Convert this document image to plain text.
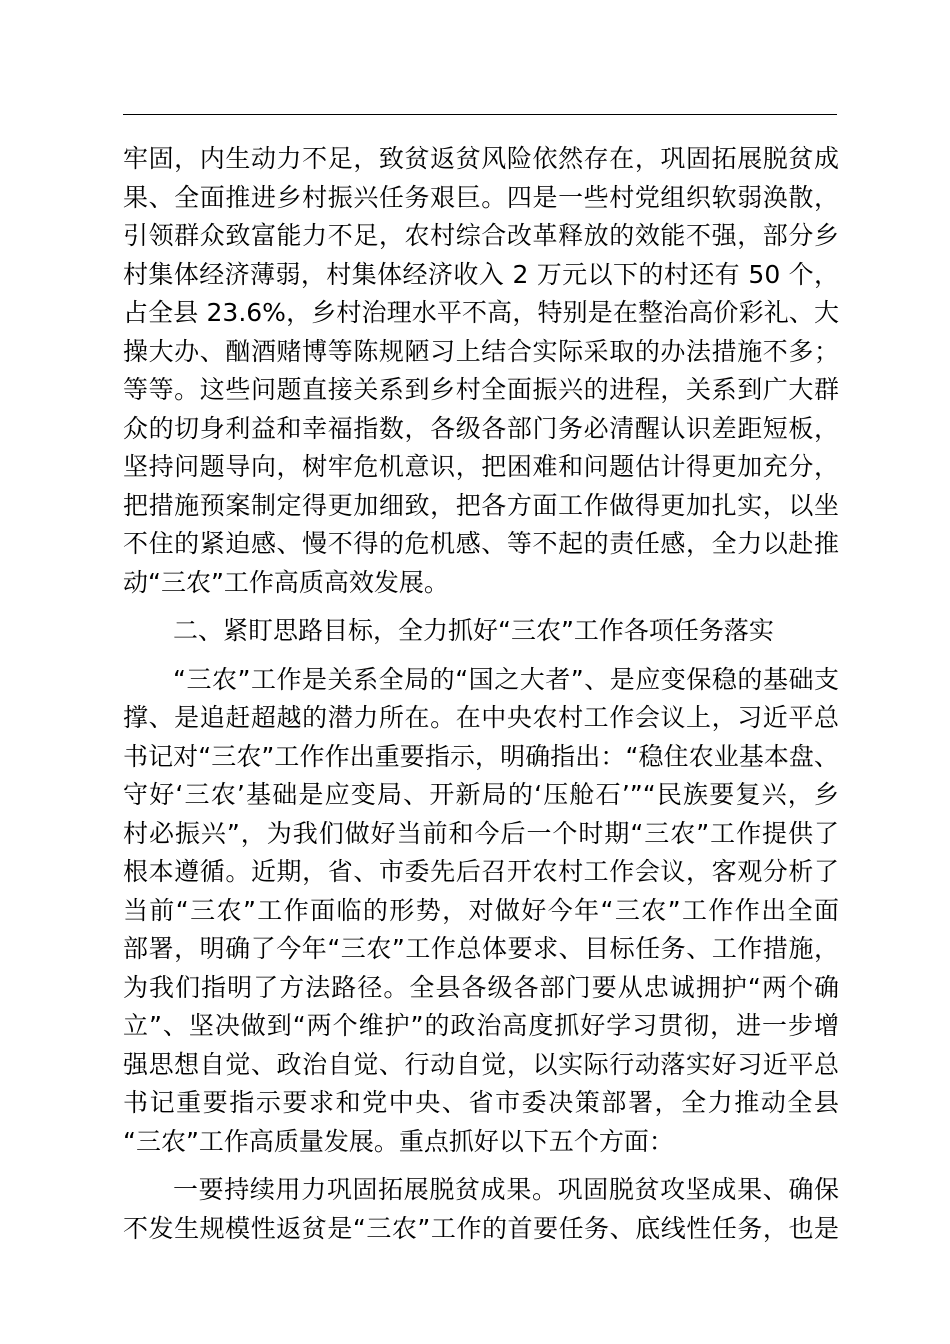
牢固，内生动力不足，致贫返贫风险依然存在，巩固拓展脱贫成
果、全面推进乡村振兴任务艰巨。四是一些村党组织软弱涣散，
引领群众致富能力不足，农村综合改革释放的效能不强，部分乡
村集体经济薄弱，村集体经济收入 2 万元以下的村还有 50 个，
占全县 23.6%，乡村治理水平不高，特别是在整治高价彩礼、大
操大办、酗酒赌博等陈规陋习上结合实际采取的办法措施不多；
等等。这些问题直接关系到乡村全面振兴的进程，关系到广大群
众的切身利益和幸福指数，各级各部门务必清醒认识差距短板，
坚持问题导向，树牢危机意识，把困难和问题估计得更加充分，
把措施预案制定得更加细致，把各方面工作做得更加扎实，以坐
不住的紧迫感、慢不得的危机感、等不起的责任感，全力以赴推
动“三农”工作高质高效发展。
二、紧盯思路目标，全力抓好“三农”工作各项任务落实
“三农”工作是关系全局的“国之大者”、是应变保稳的基础支
撑、是追赶超越的潜力所在。在中央农村工作会议上，习近平总
书记对“三农”工作作出重要指示，明确指出：“稳住农业基本盘、
守好‘三农’基础是应变局、开新局的‘压舱石’”“民族要复兴，乡
村必振兴”，为我们做好当前和今后一个时期“三农”工作提供了
根本遵循。近期，省、市委先后召开农村工作会议，客观分析了
当前“三农”工作面临的形势，对做好今年“三农”工作作出全面
部署，明确了今年“三农”工作总体要求、目标任务、工作措施，
为我们指明了方法路径。全县各级各部门要从忠诚拥护“两个确
立”、坚决做到“两个维护”的政治高度抓好学习贯彻，进一步增
强思想自觉、政治自觉、行动自觉，以实际行动落实好习近平总
书记重要指示要求和党中央、省市委决策部署，全力推动全县
“三农”工作高质量发展。重点抓好以下五个方面：
一要持续用力巩固拓展脱贫成果。巩固脱贫攻坚成果、确保
不发生规模性返贫是“三农”工作的首要任务、底线性任务，也是
